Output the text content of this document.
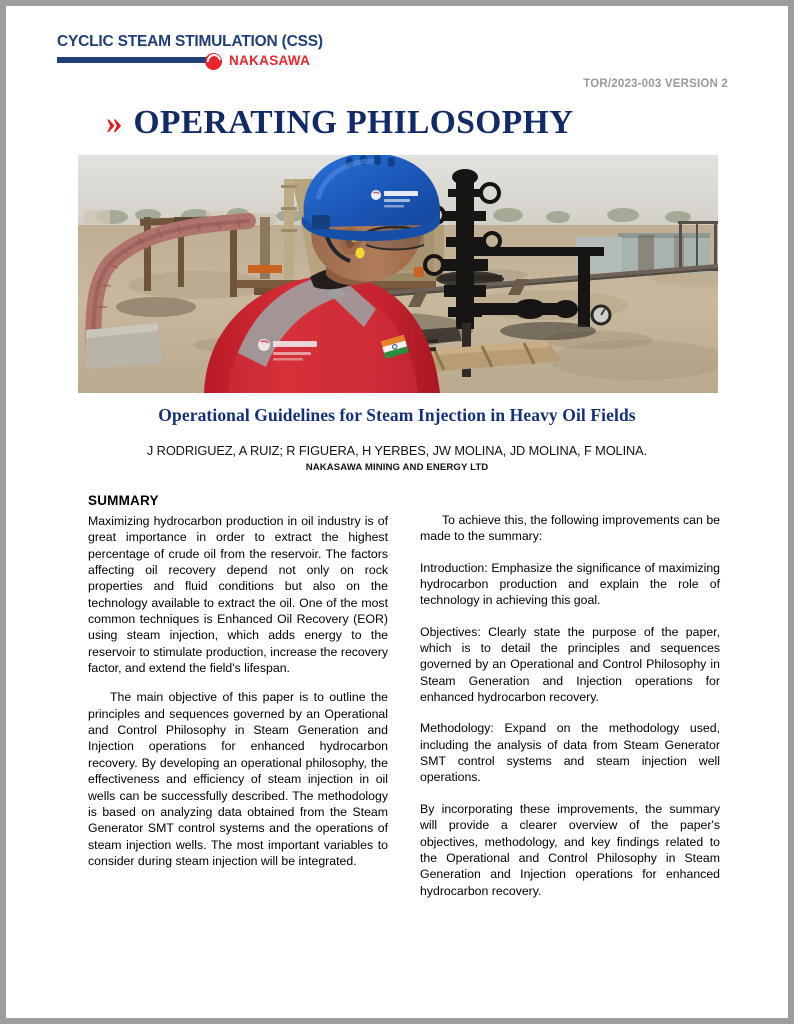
CYCLIC STEAM STIMULATION (CSS)
NAKASAWA
TOR/2023-003 VERSION 2
» OPERATING PHILOSOPHY
Operational Guidelines for Steam Injection in Heavy Oil Fields
J RODRIGUEZ, A RUIZ; R FIGUERA, H YERBES, JW MOLINA, JD MOLINA, F MOLINA.
NAKASAWA MINING AND ENERGY LTD
SUMMARY

Maximizing hydrocarbon production in oil industry is of great importance in order to extract the highest percentage of crude oil from the reservoir. The factors affecting oil recovery depend not only on rock properties and fluid conditions but also on the technology available to extract the oil. One of the most common techniques is Enhanced Oil Recovery (EOR) using steam injection, which adds energy to the reservoir to stimulate production, increase the recovery factor, and extend the field's lifespan.

The main objective of this paper is to outline the principles and sequences governed by an Operational and Control Philosophy in Steam Generation and Injection operations for enhanced hydrocarbon recovery. By developing an operational philosophy, the effectiveness and efficiency of steam injection in oil wells can be successfully described. The methodology is based on analyzing data obtained from the Steam Generator SMT control systems and the operations of steam injection wells. The most important variables to consider during steam injection will be integrated.

To achieve this, the following improvements can be made to the summary:

Introduction: Emphasize the significance of maximizing hydrocarbon production and explain the role of technology in achieving this goal.

Objectives: Clearly state the purpose of the paper, which is to detail the principles and sequences governed by an Operational and Control Philosophy in Steam Generation and Injection operations for enhanced hydrocarbon recovery.

Methodology: Expand on the methodology used, including the analysis of data from Steam Generator SMT control systems and steam injection well operations.

By incorporating these improvements, the summary will provide a clearer overview of the paper's objectives, methodology, and key findings related to the Operational and Control Philosophy in Steam Generation and Injection operations for enhanced hydrocarbon recovery.
